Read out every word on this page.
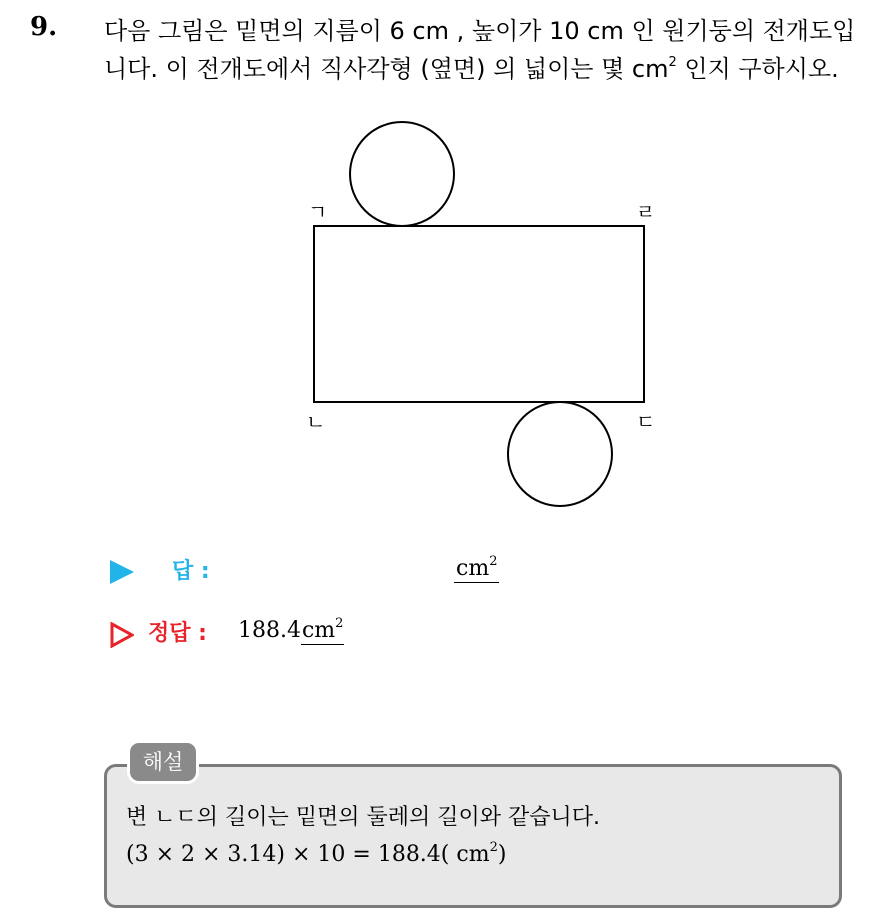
9. 다음 그림은 밑면의 지름이 6 cm , 높이가 10 cm 인 원기둥의 전개도입
니다. 이 전개도에서 직사각형 (옆면) 의 넓이는 몇 $cm^2$ 인지 구하시오.
ㄱ	ㄹ
ㄴ	ㄷ
답 :	$cm^2$
정답 : $188.4cm^2$
해설
변 ㄴㄷ의 길이는 밑면의 둘레의 길이와 같습니다.
(3 × 2 × 3.14) × 10 = 188.4( $cm^2$)
